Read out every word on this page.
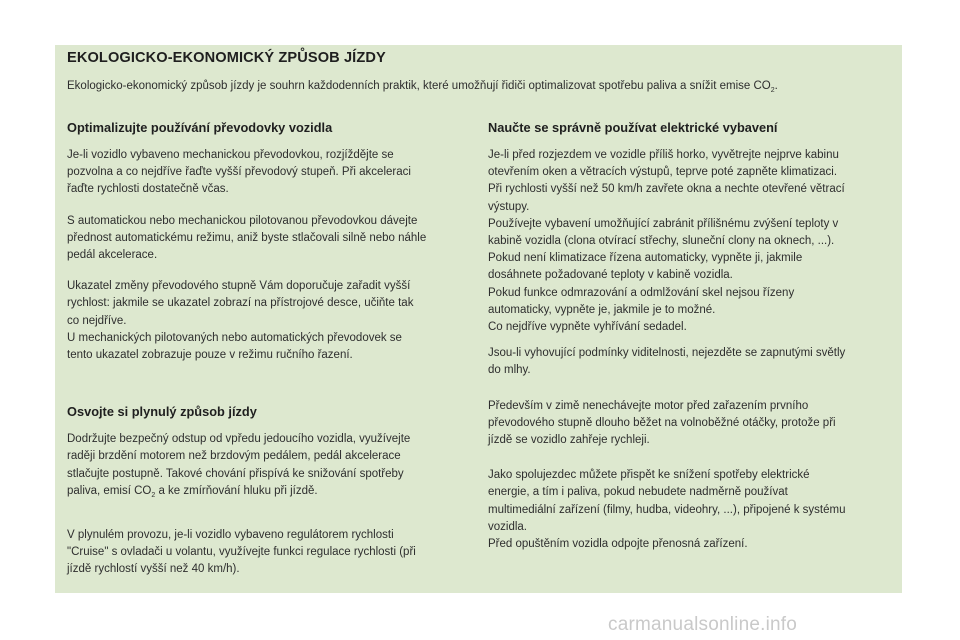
EKOLOGICKO-EKONOMICKÝ ZPŮSOB JÍZDY
Ekologicko-ekonomický způsob jízdy je souhrn každodenních praktik, které umožňují řidiči optimalizovat spotřebu paliva a snížit emise $CO_2$.
Optimalizujte používání převodovky vozidla

Je-li vozidlo vybaveno mechanickou převodovkou, rozjíždějte se
pozvolna a co nejdříve řaďte vyšší převodový stupeň. Při akceleraci
řaďte rychlosti dostatečně včas.

S automatickou nebo mechanickou pilotovanou převodovkou dávejte
přednost automatickému režimu, aniž byste stlačovali silně nebo náhle
pedál akcelerace.

Ukazatel změny převodového stupně Vám doporučuje zařadit vyšší
rychlost: jakmile se ukazatel zobrazí na přístrojové desce, učiňte tak
co nejdříve.
U mechanických pilotovaných nebo automatických převodovek se
tento ukazatel zobrazuje pouze v režimu ručního řazení.

Osvojte si plynulý způsob jízdy

Dodržujte bezpečný odstup od vpředu jedoucího vozidla, využívejte
raději brzdění motorem než brzdovým pedálem, pedál akcelerace
stlačujte postupně. Takové chování přispívá ke snižování spotřeby
paliva, emisí $CO_2$ a ke zmírňování hluku při jízdě.

V plynulém provozu, je-li vozidlo vybaveno regulátorem rychlosti
"Cruise" s ovladači u volantu, využívejte funkci regulace rychlosti (při
jízdě rychlostí vyšší než 40 km/h).

Naučte se správně používat elektrické vybavení

Je-li před rozjezdem ve vozidle příliš horko, vyvětrejte nejprve kabinu
otevřením oken a větracích výstupů, teprve poté zapněte klimatizaci.
Při rychlosti vyšší než 50 km/h zavřete okna a nechte otevřené větrací
výstupy.
Používejte vybavení umožňující zabránit přílišnému zvýšení teploty v
kabině vozidla (clona otvírací střechy, sluneční clony na oknech, ...).
Pokud není klimatizace řízena automaticky, vypněte ji, jakmile
dosáhnete požadované teploty v kabině vozidla.
Pokud funkce odmrazování a odmlžování skel nejsou řízeny
automaticky, vypněte je, jakmile je to možné.
Co nejdříve vypněte vyhřívání sedadel.

Jsou-li vyhovující podmínky viditelnosti, nejezděte se zapnutými světly
do mlhy.

Především v zimě nenechávejte motor před zařazením prvního
převodového stupně dlouho běžet na volnoběžné otáčky, protože při
jízdě se vozidlo zahřeje rychleji.

Jako spolujezdec můžete přispět ke snížení spotřeby elektrické
energie, a tím i paliva, pokud nebudete nadměrně používat
multimediální zařízení (filmy, hudba, videohry, ...), připojené k systému
vozidla.
Před opuštěním vozidla odpojte přenosná zařízení.

carmanualsonline.info
